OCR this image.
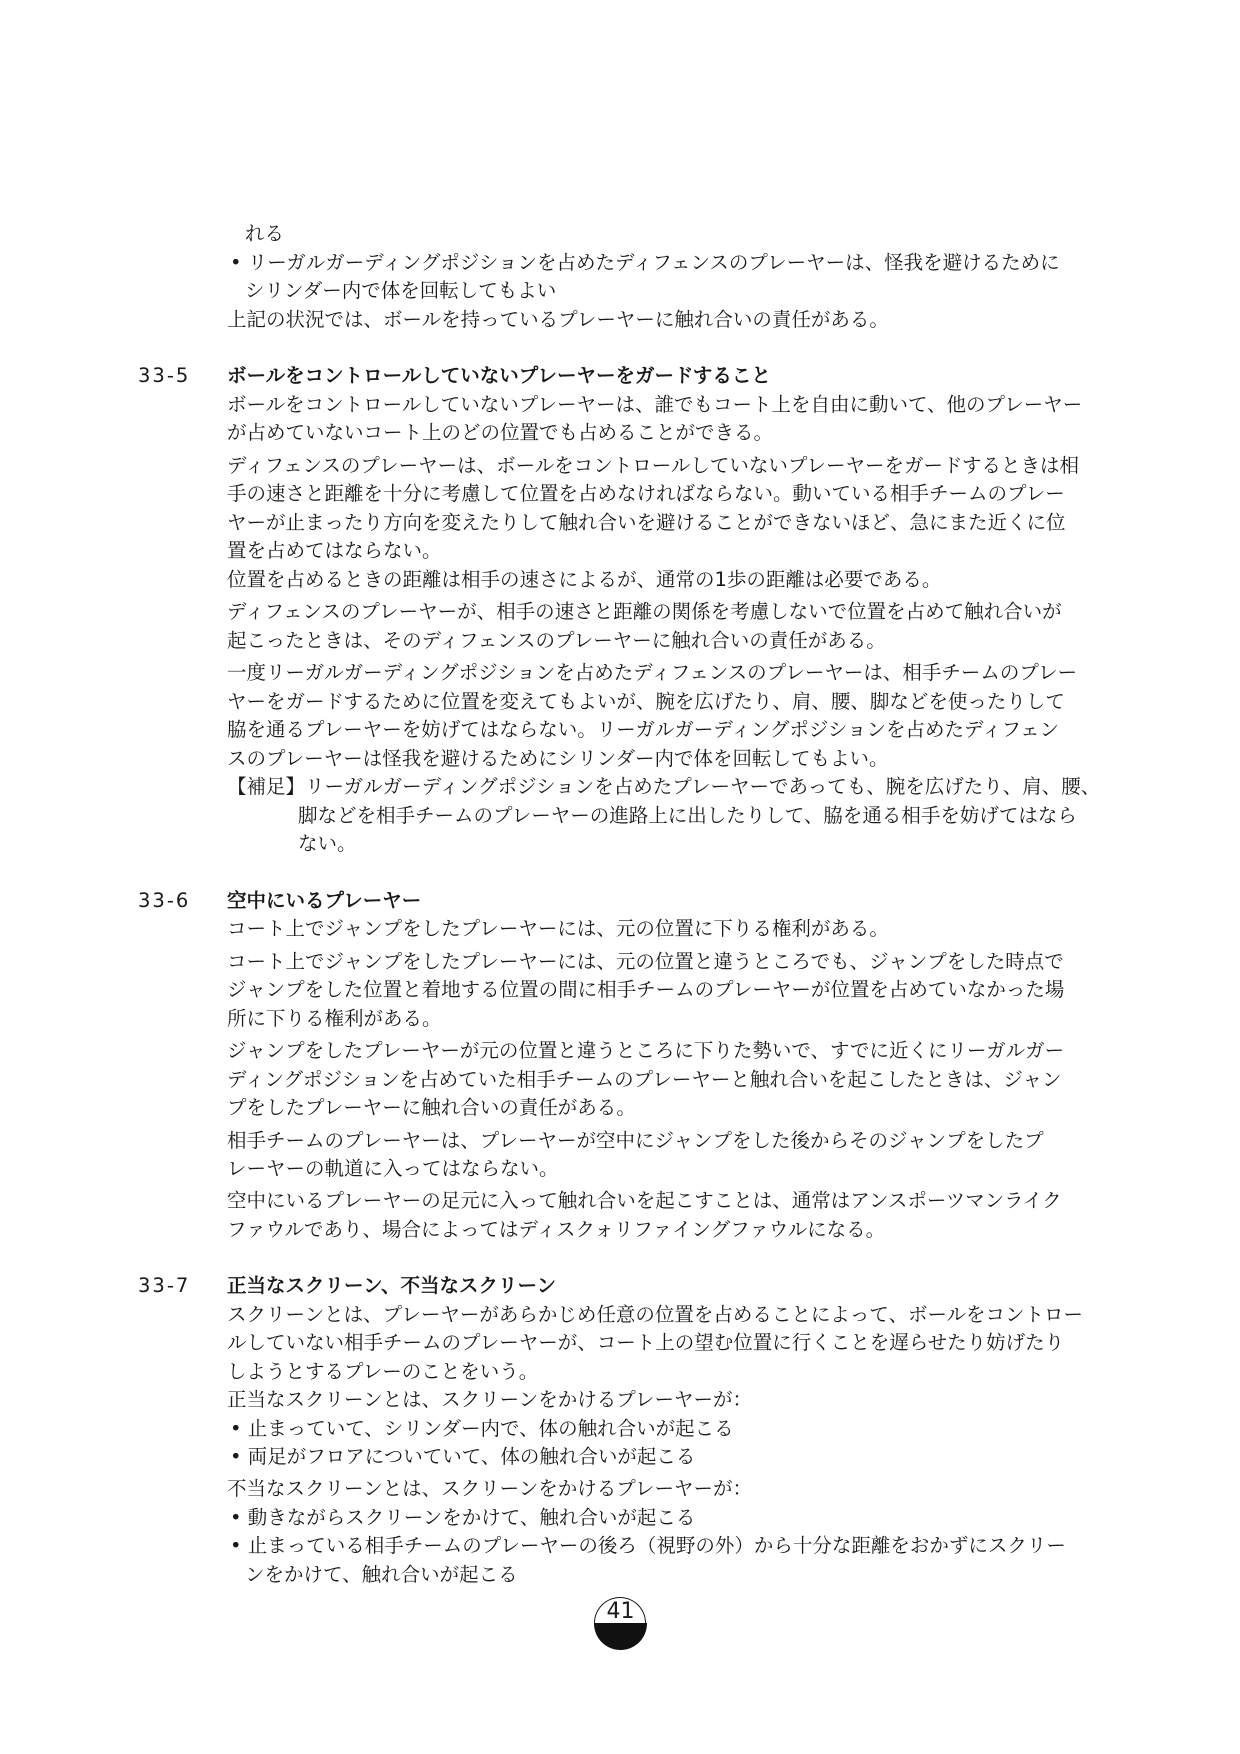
れる
• リーガルガーディングポジションを占めたディフェンスのプレーヤーは、怪我を避けるために
シリンダー内で体を回転してもよい
上記の状況では、ボールを持っているプレーヤーに触れ合いの責任がある。
33-5 ボールをコントロールしていないプレーヤーをガードすること
ボールをコントロールしていないプレーヤーは、誰でもコート上を自由に動いて、他のプレーヤー
が占めていないコート上のどの位置でも占めることができる。
ディフェンスのプレーヤーは、ボールをコントロールしていないプレーヤーをガードするときは相
手の速さと距離を十分に考慮して位置を占めなければならない。動いている相手チームのプレー
ヤーが止まったり方向を変えたりして触れ合いを避けることができないほど、急にまた近くに位
置を占めてはならない。
位置を占めるときの距離は相手の速さによるが、通常の1歩の距離は必要である。
ディフェンスのプレーヤーが、相手の速さと距離の関係を考慮しないで位置を占めて触れ合いが
起こったときは、そのディフェンスのプレーヤーに触れ合いの責任がある。
一度リーガルガーディングポジションを占めたディフェンスのプレーヤーは、相手チームのプレー
ヤーをガードするために位置を変えてもよいが、腕を広げたり、肩、腰、脚などを使ったりして
脇を通るプレーヤーを妨げてはならない。リーガルガーディングポジションを占めたディフェン
スのプレーヤーは怪我を避けるためにシリンダー内で体を回転してもよい。
【補足】リーガルガーディングポジションを占めたプレーヤーであっても、腕を広げたり、肩、腰、
脚などを相手チームのプレーヤーの進路上に出したりして、脇を通る相手を妨げてはなら
ない。
33-6 空中にいるプレーヤー
コート上でジャンプをしたプレーヤーには、元の位置に下りる権利がある。
コート上でジャンプをしたプレーヤーには、元の位置と違うところでも、ジャンプをした時点で
ジャンプをした位置と着地する位置の間に相手チームのプレーヤーが位置を占めていなかった場
所に下りる権利がある。
ジャンプをしたプレーヤーが元の位置と違うところに下りた勢いで、すでに近くにリーガルガー
ディングポジションを占めていた相手チームのプレーヤーと触れ合いを起こしたときは、ジャン
プをしたプレーヤーに触れ合いの責任がある。
相手チームのプレーヤーは、プレーヤーが空中にジャンプをした後からそのジャンプをしたプ
レーヤーの軌道に入ってはならない。
空中にいるプレーヤーの足元に入って触れ合いを起こすことは、通常はアンスポーツマンライク
ファウルであり、場合によってはディスクォリファイングファウルになる。
33-7 正当なスクリーン、不当なスクリーン
スクリーンとは、プレーヤーがあらかじめ任意の位置を占めることによって、ボールをコントロー
ルしていない相手チームのプレーヤーが、コート上の望む位置に行くことを遅らせたり妨げたり
しようとするプレーのことをいう。
正当なスクリーンとは、スクリーンをかけるプレーヤーが：
• 止まっていて、シリンダー内で、体の触れ合いが起こる
• 両足がフロアについていて、体の触れ合いが起こる
不当なスクリーンとは、スクリーンをかけるプレーヤーが：
• 動きながらスクリーンをかけて、触れ合いが起こる
• 止まっている相手チームのプレーヤーの後ろ（視野の外）から十分な距離をおかずにスクリー
ンをかけて、触れ合いが起こる
41
